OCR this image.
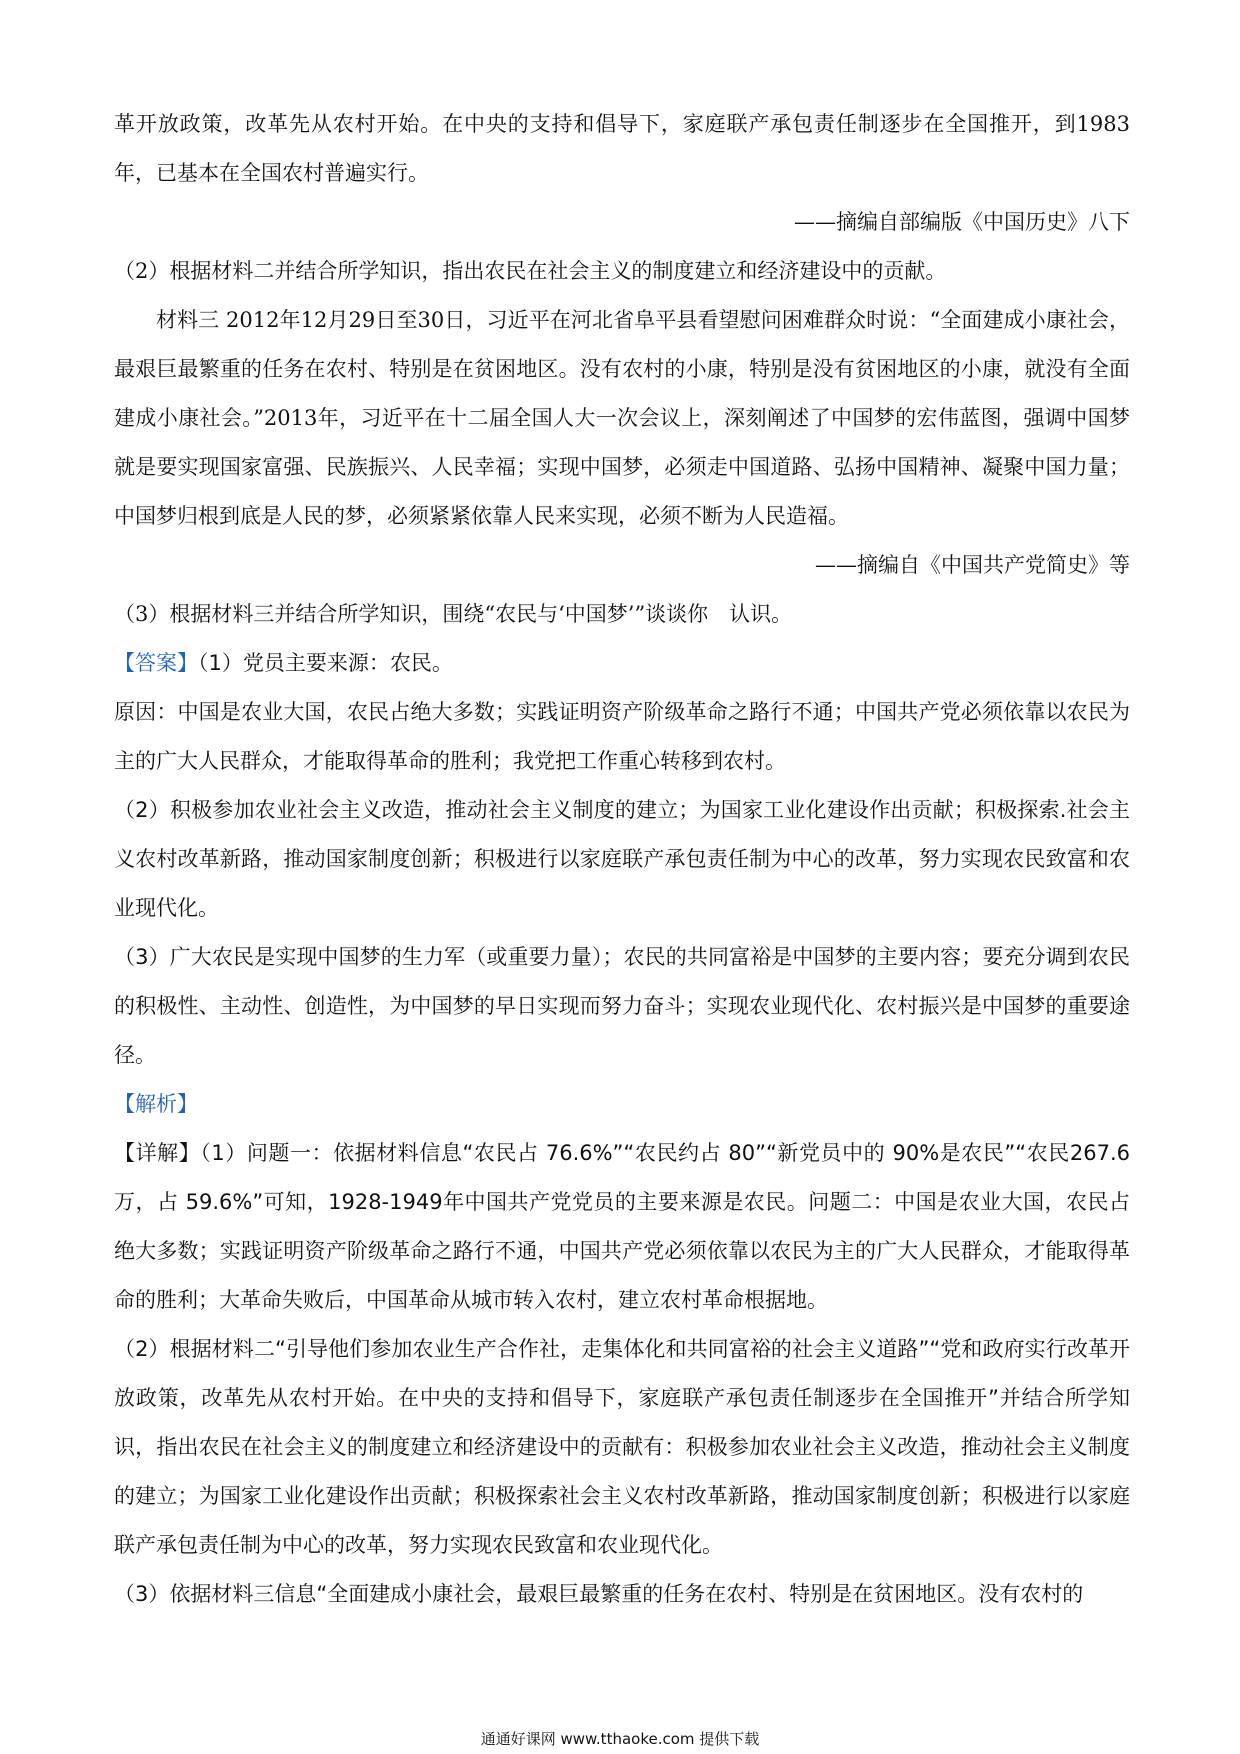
革开放政策，改革先从农村开始。在中央的支持和倡导下，家庭联产承包责任制逐步在全国推开，到1983年，已基本在全国农村普遍实行。

——摘编自部编版《中国历史》八下

（2）根据材料二并结合所学知识，指出农民在社会主义的制度建立和经济建设中的贡献。

材料三 2012年12月29日至30日，习近平在河北省阜平县看望慰问困难群众时说：“全面建成小康社会，最艰巨最繁重的任务在农村、特别是在贫困地区。没有农村的小康，特别是没有贫困地区的小康，就没有全面建成小康社会。”2013年，习近平在十二届全国人大一次会议上，深刻阐述了中国梦的宏伟蓝图，强调中国梦就是要实现国家富强、民族振兴、人民幸福；实现中国梦，必须走中国道路、弘扬中国精神、凝聚中国力量；中国梦归根到底是人民的梦，必须紧紧依靠人民来实现，必须不断为人民造福。

——摘编自《中国共产党简史》等

（3）根据材料三并结合所学知识，围绕“农民与‘中国梦’”谈谈你　认识。

【答案】（1）党员主要来源：农民。

原因：中国是农业大国，农民占绝大多数；实践证明资产阶级革命之路行不通；中国共产党必须依靠以农民为主的广大人民群众，才能取得革命的胜利；我党把工作重心转移到农村。

（2）积极参加农业社会主义改造，推动社会主义制度的建立；为国家工业化建设作出贡献；积极探索.社会主义农村改革新路，推动国家制度创新；积极进行以家庭联产承包责任制为中心的改革，努力实现农民致富和农业现代化。

（3）广大农民是实现中国梦的生力军（或重要力量）；农民的共同富裕是中国梦的主要内容；要充分调到农民的积极性、主动性、创造性，为中国梦的早日实现而努力奋斗；实现农业现代化、农村振兴是中国梦的重要途径。

【解析】

【详解】（1）问题一：依据材料信息“农民占 76.6%”“农民约占 80”“新党员中的 90%是农民”“农民267.6万，占 59.6%”可知，1928-1949年中国共产党党员的主要来源是农民。问题二：中国是农业大国，农民占绝大多数；实践证明资产阶级革命之路行不通，中国共产党必须依靠以农民为主的广大人民群众，才能取得革命的胜利；大革命失败后，中国革命从城市转入农村，建立农村革命根据地。

（2）根据材料二“引导他们参加农业生产合作社，走集体化和共同富裕的社会主义道路”“党和政府实行改革开放政策，改革先从农村开始。在中央的支持和倡导下，家庭联产承包责任制逐步在全国推开”并结合所学知识，指出农民在社会主义的制度建立和经济建设中的贡献有：积极参加农业社会主义改造，推动社会主义制度的建立；为国家工业化建设作出贡献；积极探索社会主义农村改革新路，推动国家制度创新；积极进行以家庭联产承包责任制为中心的改革，努力实现农民致富和农业现代化。

（3）依据材料三信息“全面建成小康社会，最艰巨最繁重的任务在农村、特别是在贫困地区。没有农村的

通通好课网 www.tthaoke.com 提供下载
